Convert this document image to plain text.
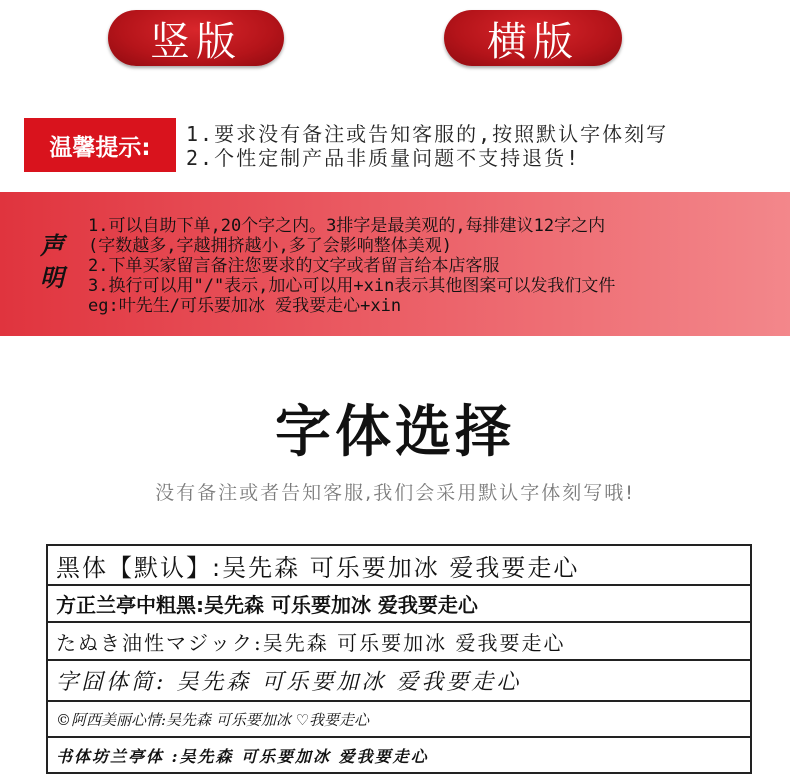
竖版	横版
温馨提示:
1.要求没有备注或告知客服的,按照默认字体刻写
2.个性定制产品非质量问题不支持退货!
声
明
1.可以自助下单,20个字之内。3排字是最美观的,每排建议12字之内
(字数越多,字越拥挤越小,多了会影响整体美观)
2.下单买家留言备注您要求的文字或者留言给本店客服
3.换行可以用"/"表示,加心可以用+xin表示其他图案可以发我们文件
eg:叶先生/可乐要加冰 爱我要走心+xin
字体选择
没有备注或者告知客服,我们会采用默认字体刻写哦!
黑体【默认】:吴先森 可乐要加冰 爱我要走心
方正兰亭中粗黑:吴先森 可乐要加冰 爱我要走心
たぬき油性マジック:吴先森 可乐要加冰 爱我要走心
字囧体简: 吴先森 可乐要加冰 爱我要走心
©阿西美丽心情:吴先森 可乐要加冰 ♡我要走心
书体坊兰亭体 :吴先森 可乐要加冰 爱我要走心
